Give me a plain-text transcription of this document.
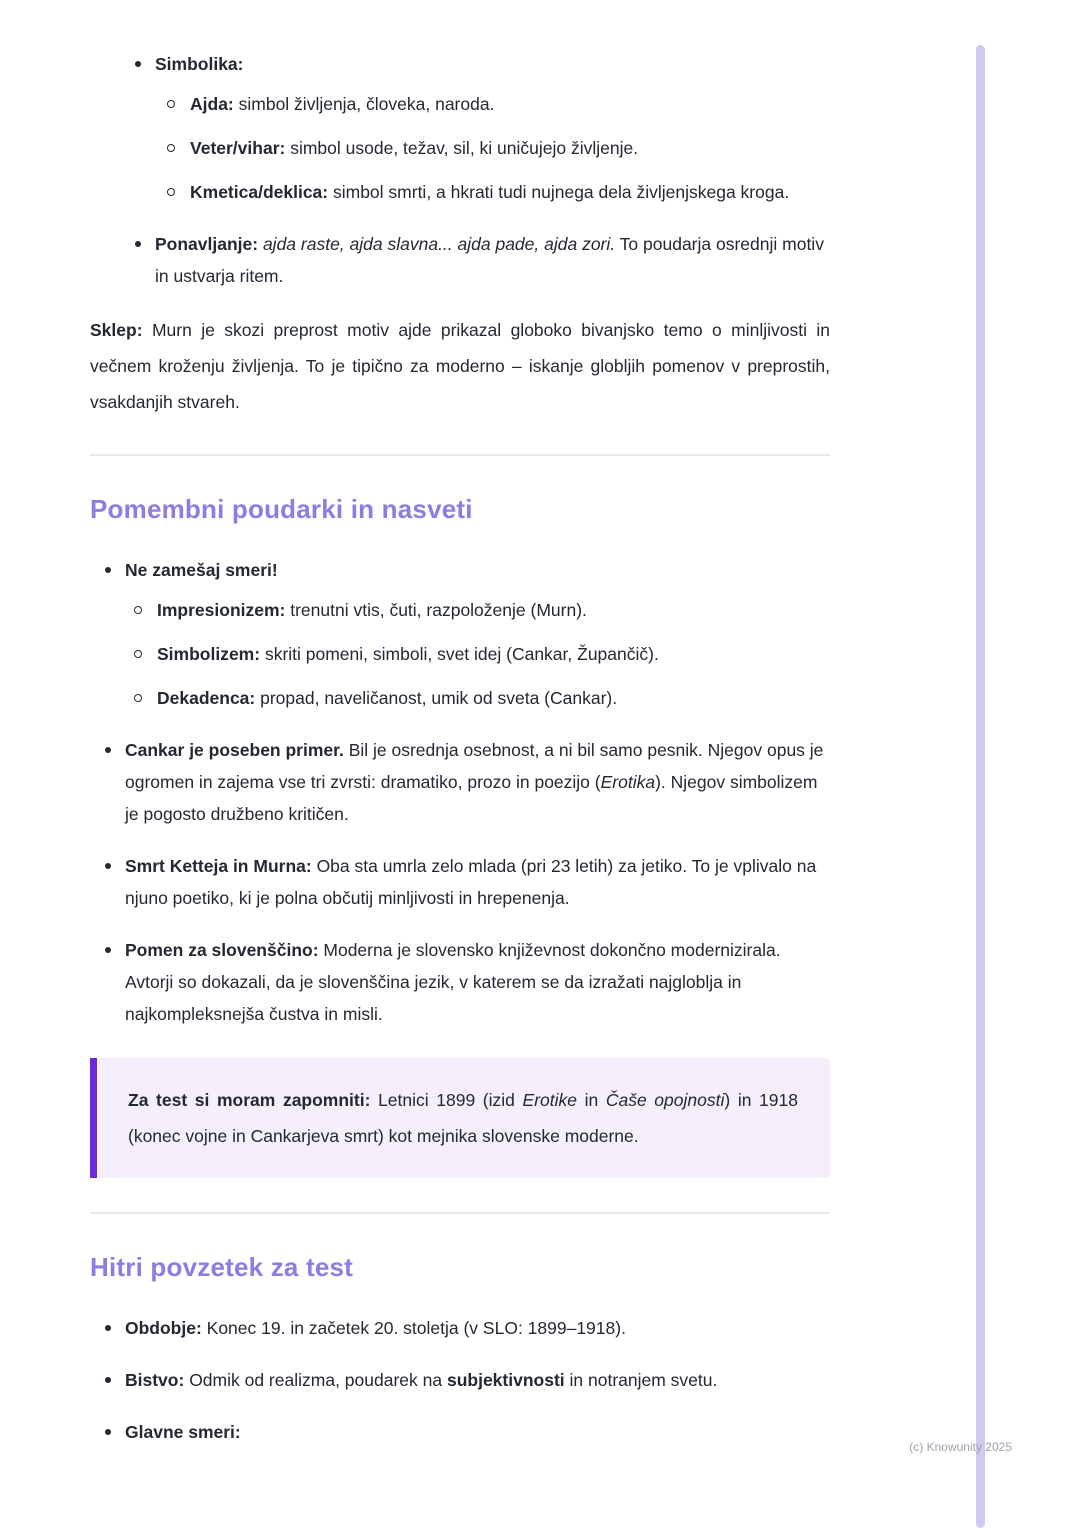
Simbolika:

Ajda: simbol življenja, človeka, naroda.

Veter/vihar: simbol usode, težav, sil, ki uničujejo življenje.

Kmetica/deklica: simbol smrti, a hkrati tudi nujnega dela življenjskega kroga.

Ponavljanje: ajda raste, ajda slavna... ajda pade, ajda zori. To poudarja osrednji motiv in ustvarja ritem.

Sklep: Murn je skozi preprost motiv ajde prikazal globoko bivanjsko temo o minljivosti in večnem kroženju življenja. To je tipično za moderno – iskanje globljih pomenov v preprostih, vsakdanjih stvareh.

Pomembni poudarki in nasveti

Ne zamešaj smeri!

Impresionizem: trenutni vtis, čuti, razpoloženje (Murn).

Simbolizem: skriti pomeni, simboli, svet idej (Cankar, Župančič).

Dekadenca: propad, naveličanost, umik od sveta (Cankar).

Cankar je poseben primer. Bil je osrednja osebnost, a ni bil samo pesnik. Njegov opus je ogromen in zajema vse tri zvrsti: dramatiko, prozo in poezijo (Erotika). Njegov simbolizem je pogosto družbeno kritičen.

Smrt Ketteja in Murna: Oba sta umrla zelo mlada (pri 23 letih) za jetiko. To je vplivalo na njuno poetiko, ki je polna občutij minljivosti in hrepenenja.

Pomen za slovenščino: Moderna je slovensko književnost dokončno modernizirala. Avtorji so dokazali, da je slovenščina jezik, v katerem se da izražati najgloblja in najkompleksnejša čustva in misli.

Za test si moram zapomniti: Letnici 1899 (izid Erotike in Čaše opojnosti) in 1918 (konec vojne in Cankarjeva smrt) kot mejnika slovenske moderne.

Hitri povzetek za test

Obdobje: Konec 19. in začetek 20. stoletja (v SLO: 1899–1918).

Bistvo: Odmik od realizma, poudarek na subjektivnosti in notranjem svetu.

Glavne smeri:

(c) Knowunity 2025
